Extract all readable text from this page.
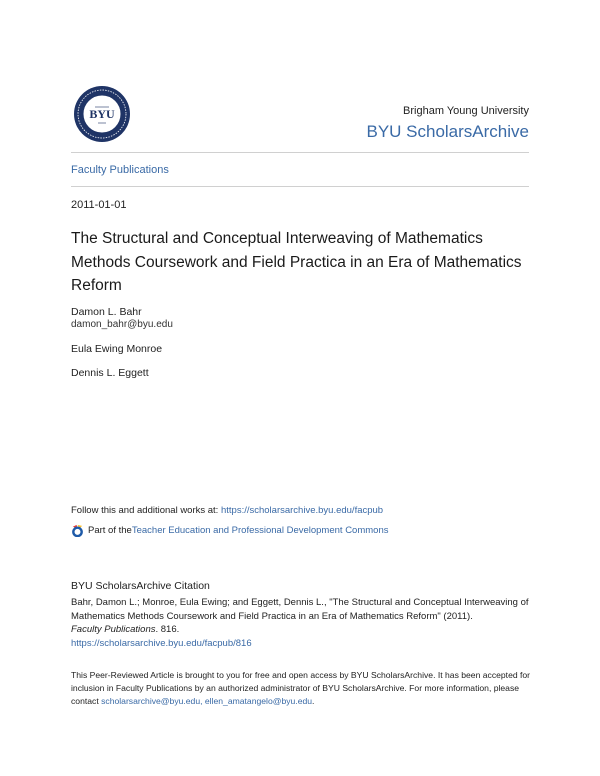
BYU	Brigham Young University
BYU ScholarsArchive
Faculty Publications
2011-01-01
The Structural and Conceptual Interweaving of Mathematics Methods Coursework and Field Practica in an Era of Mathematics Reform
Damon L. Bahr
damon_bahr@byu.edu
Eula Ewing Monroe
Dennis L. Eggett
Follow this and additional works at: https://scholarsarchive.byu.edu/facpub
Part of the Teacher Education and Professional Development Commons
BYU ScholarsArchive Citation
Bahr, Damon L.; Monroe, Eula Ewing; and Eggett, Dennis L., "The Structural and Conceptual Interweaving of Mathematics Methods Coursework and Field Practica in an Era of Mathematics Reform" (2011).
Faculty Publications. 816.
https://scholarsarchive.byu.edu/facpub/816
This Peer-Reviewed Article is brought to you for free and open access by BYU ScholarsArchive. It has been accepted for inclusion in Faculty Publications by an authorized administrator of BYU ScholarsArchive. For more information, please contact scholarsarchive@byu.edu, ellen_amatangelo@byu.edu.
